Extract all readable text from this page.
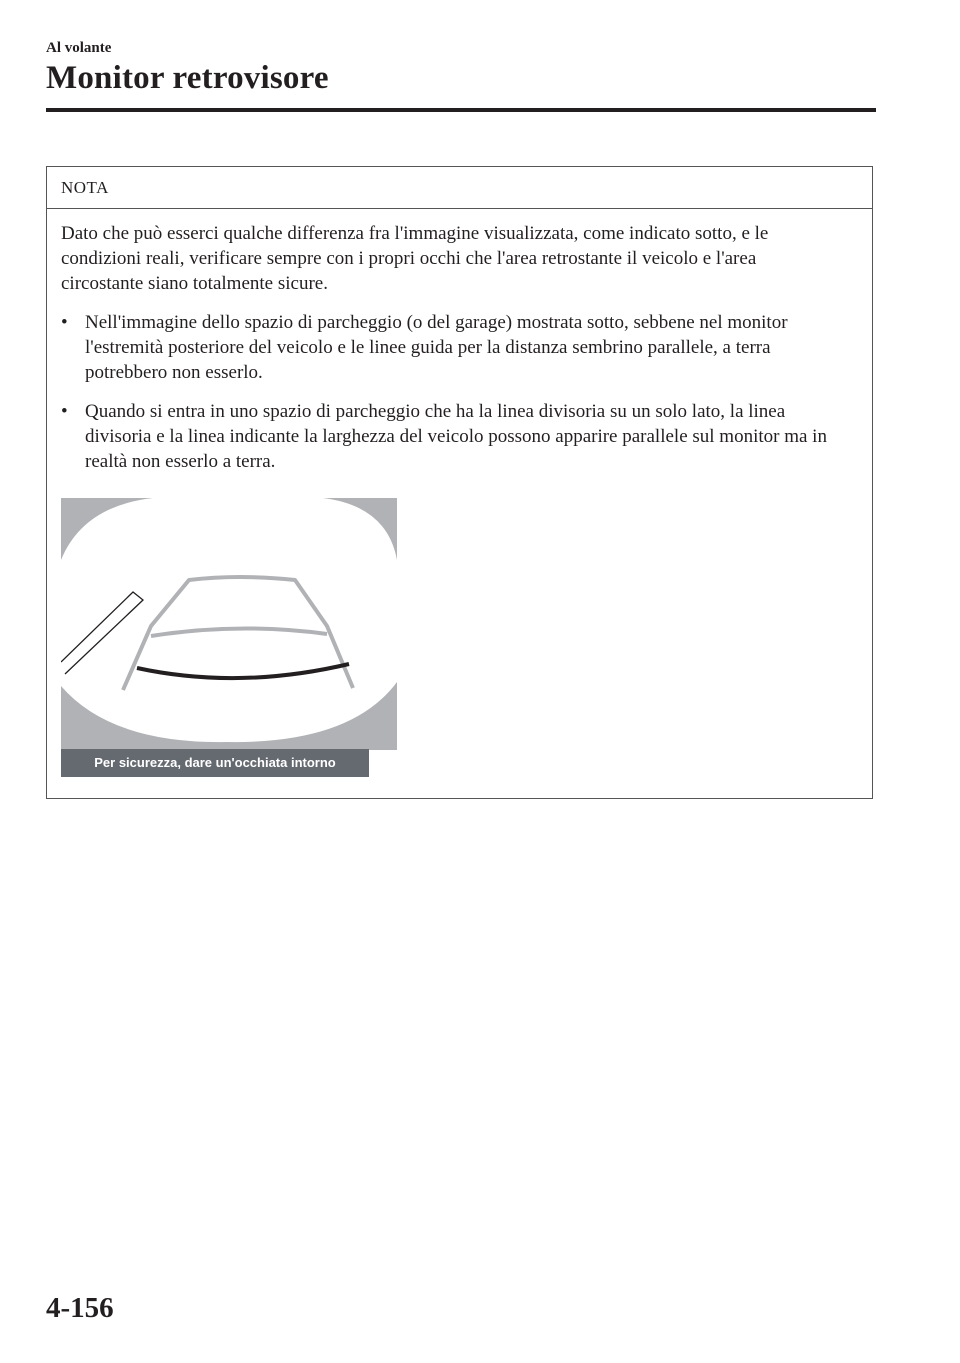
Al volante
Monitor retrovisore
NOTA

Dato che può esserci qualche differenza fra l'immagine visualizzata, come indicato sotto, e le condizioni reali, verificare sempre con i propri occhi che l'area retrostante il veicolo e l'area circostante siano totalmente sicure.

• Nell'immagine dello spazio di parcheggio (o del garage) mostrata sotto, sebbene nel monitor l'estremità posteriore del veicolo e le linee guida per la distanza sembrino parallele, a terra potrebbero non esserlo.
• Quando si entra in uno spazio di parcheggio che ha la linea divisoria su un solo lato, la linea divisoria e la linea indicante la larghezza del veicolo possono apparire parallele sul monitor ma in realtà non esserlo a terra.
Per sicurezza, dare un'occhiata intorno
4-156
